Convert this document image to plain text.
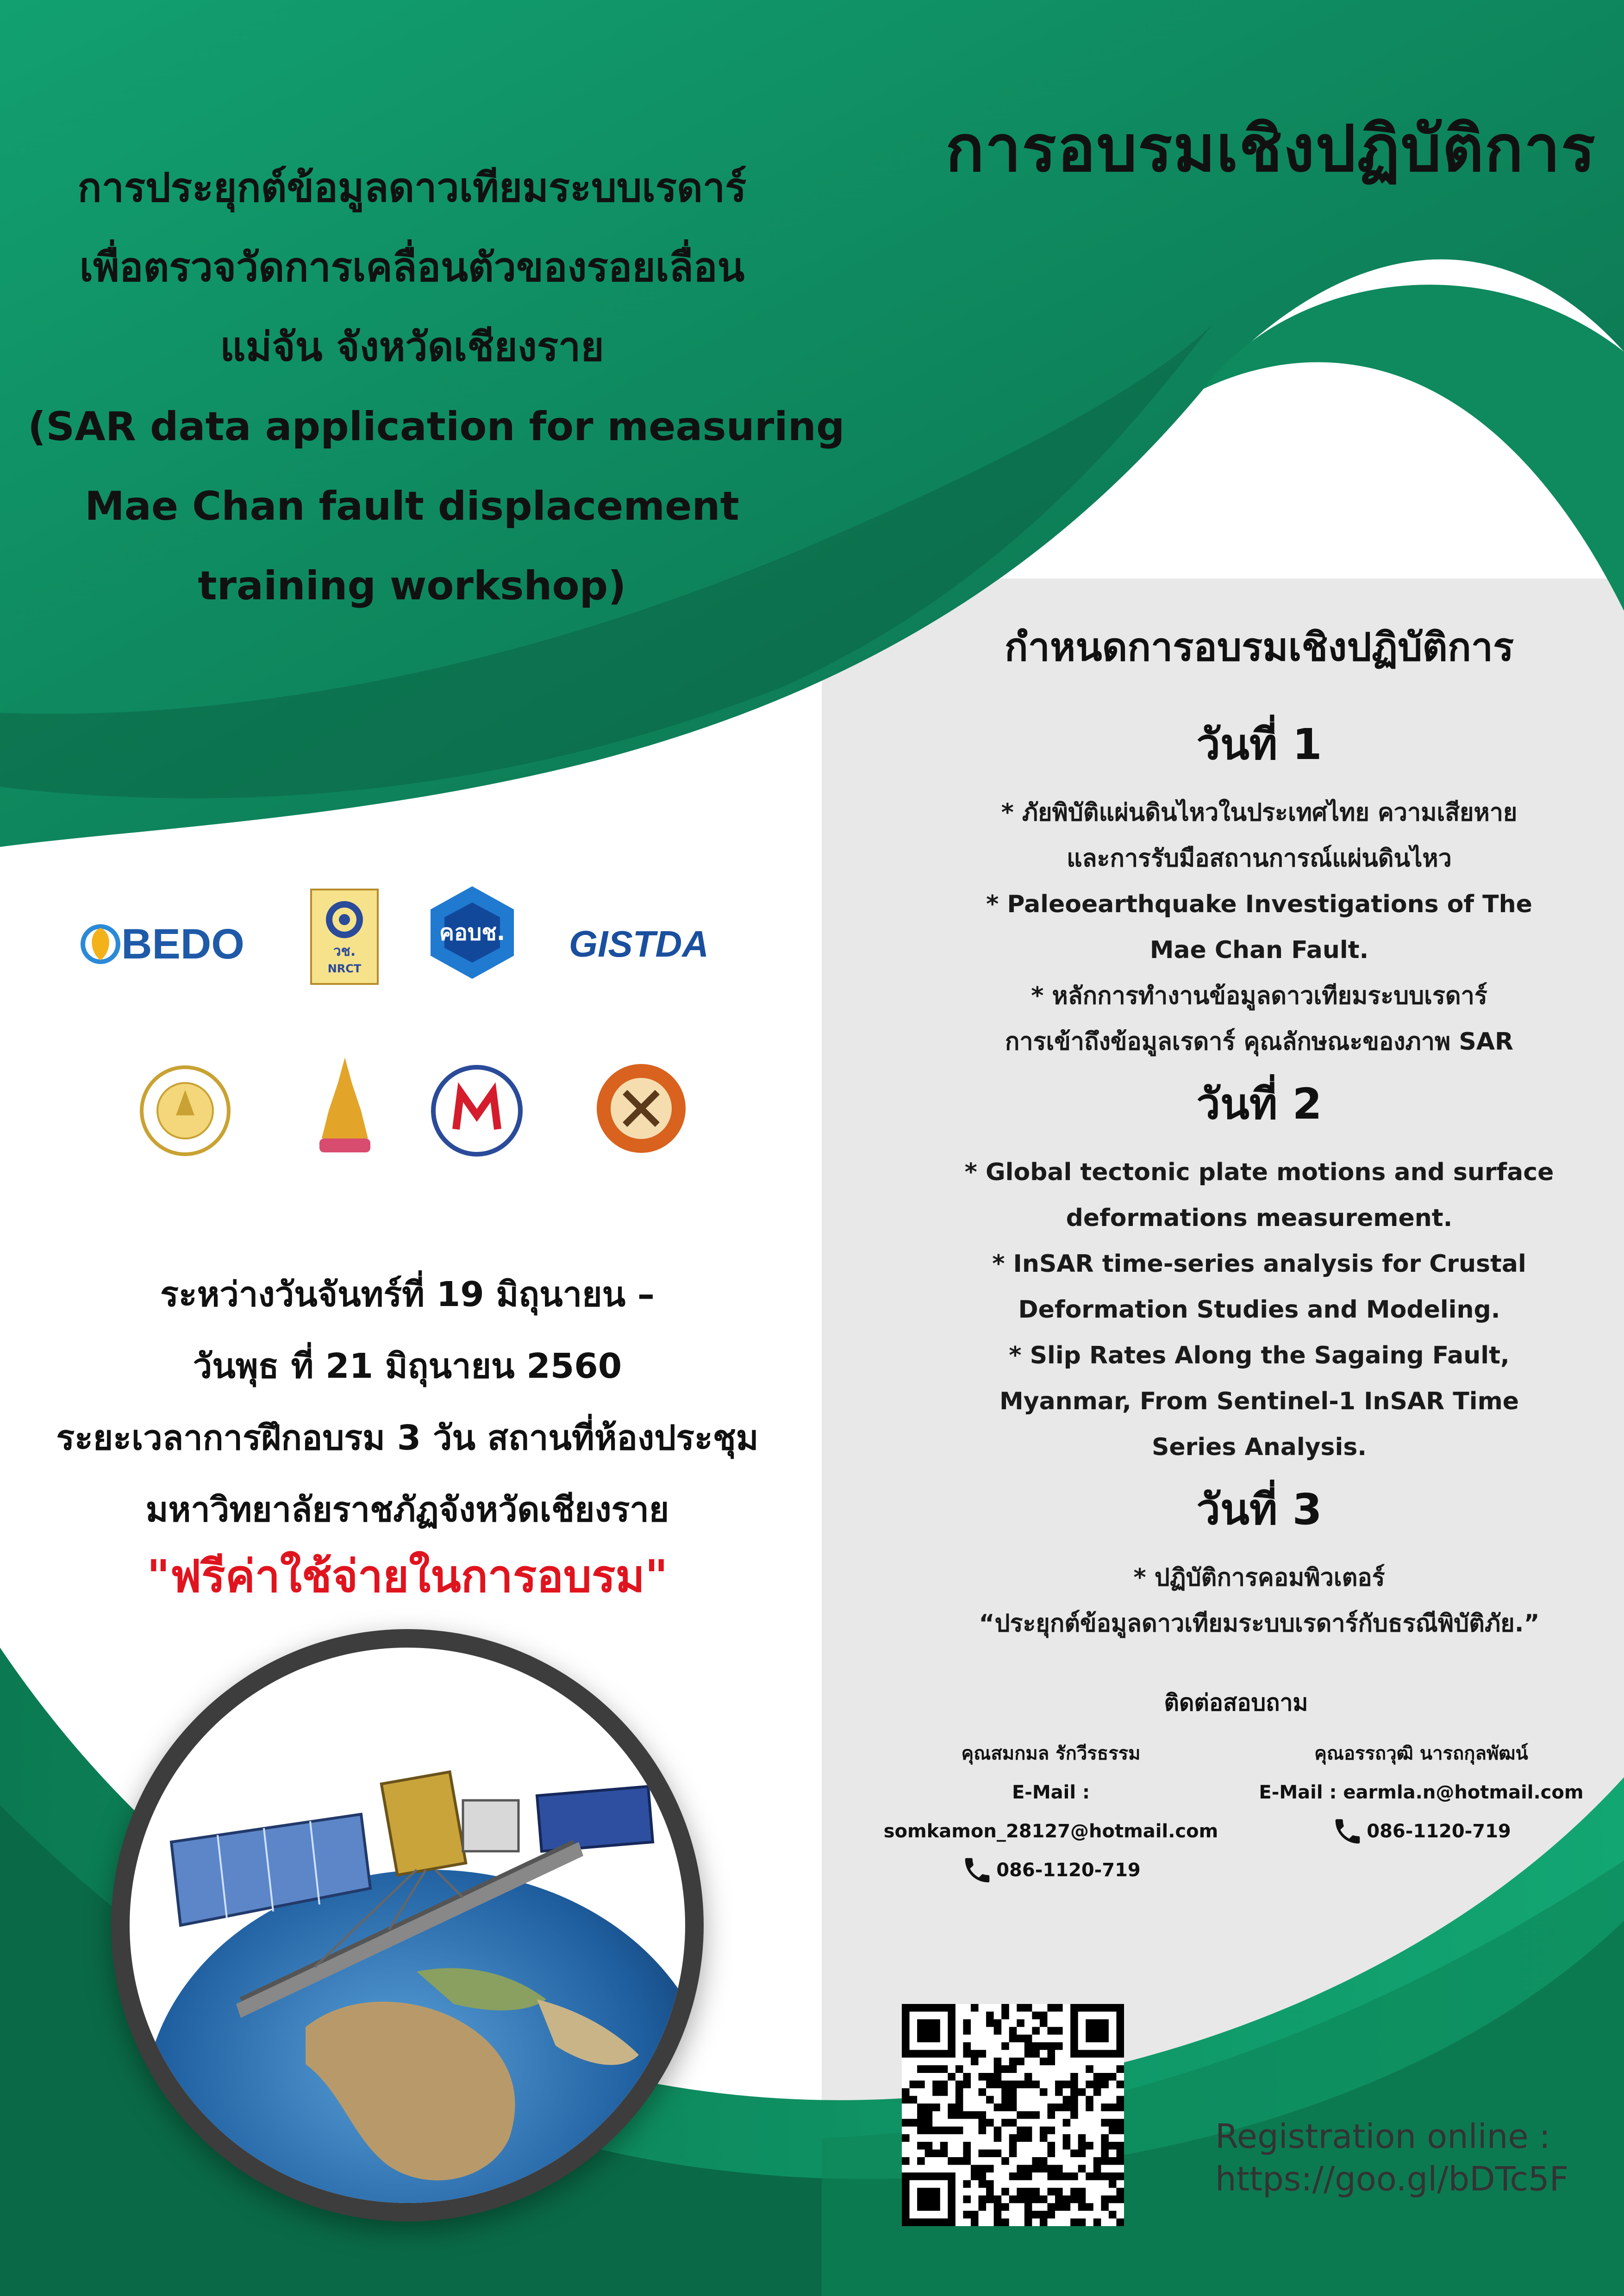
การอบรมเชิงปฏิบัติการ
การประยุกต์ข้อมูลดาวเทียมระบบเรดาร์
เพื่อตรวจวัดการเคลื่อนตัวของรอยเลื่อน
แม่จัน จังหวัดเชียงราย
(SAR data application for measuring
Mae Chan fault displacement
training workshop)
กำหนดการอบรมเชิงปฏิบัติการ
วันที่ 1
* ภัยพิบัติแผ่นดินไหวในประเทศไทย ความเสียหาย
และการรับมือสถานการณ์แผ่นดินไหว
* Paleoearthquake Investigations of The
Mae Chan Fault.
* หลักการทำงานข้อมูลดาวเทียมระบบเรดาร์
การเข้าถึงข้อมูลเรดาร์ คุณลักษณะของภาพ SAR
วันที่ 2
* Global tectonic plate motions and surface
deformations measurement.
* InSAR time-series analysis for Crustal
Deformation Studies and Modeling.
* Slip Rates Along the Sagaing Fault,
Myanmar, From Sentinel-1 InSAR Time
Series Analysis.
วันที่ 3
* ปฏิบัติการคอมพิวเตอร์
“ประยุกต์ข้อมูลดาวเทียมระบบเรดาร์กับธรณีพิบัติภัย.”
ติดต่อสอบถาม
คุณสมกมล รักวีรธรรม
E-Mail : somkamon_28127@hotmail.com
086-1120-719
คุณอรรถวุฒิ นารถกุลพัฒน์
E-Mail : earmla.n@hotmail.com
086-1120-719
BEDO	วช.
NRCT
คอบช. GISTDA
ระหว่างวันจันทร์ที่ 19 มิถุนายน –
วันพุธ ที่ 21 มิถุนายน 2560
ระยะเวลาการฝึกอบรม 3 วัน สถานที่ห้องประชุม
มหาวิทยาลัยราชภัฏจังหวัดเชียงราย
"ฟรีค่าใช้จ่ายในการอบรม"
Registration online :
https://goo.gl/bDTc5F
